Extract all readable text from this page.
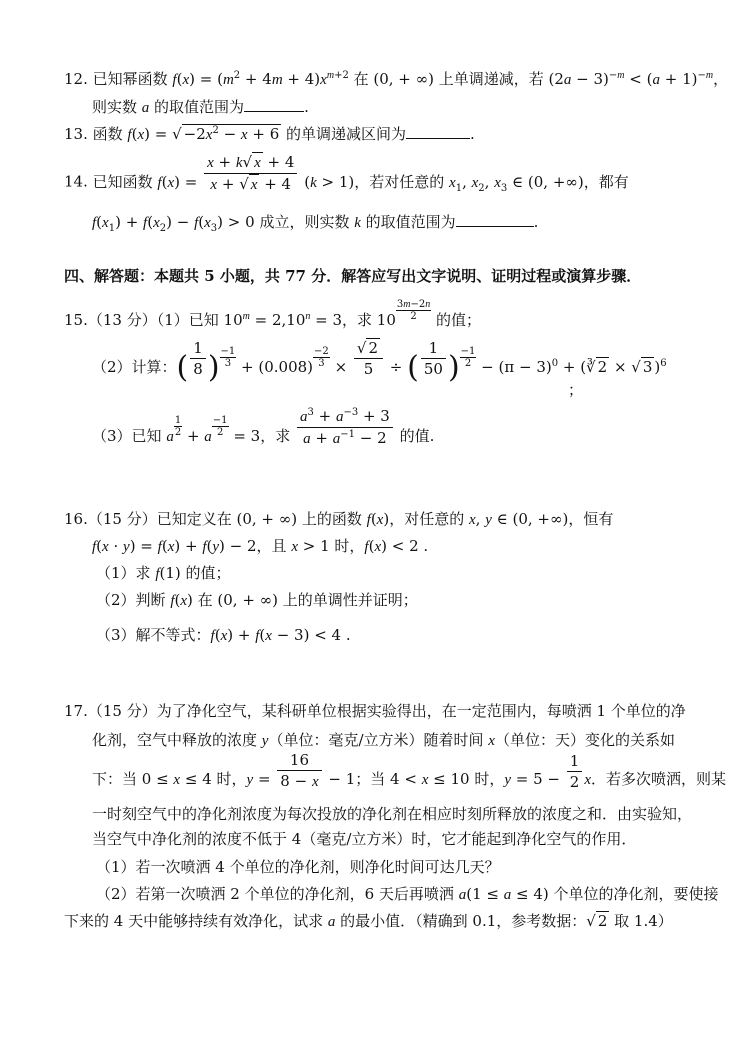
12. 已知幂函数 $f(x) = (m^2 + 4m + 4)x^{m+2}$ 在 (0, + ∞) 上单调递减，若 $(2a - 3)^{-m} < (a + 1)^{-m}$，
则实数 a 的取值范围为	.
13. 函数 f(x) = √ $-2x^2 - x + 6$ 的单调递减区间为	.
14. 已知函数 $f(x) = \frac{x + k√ x + 4}{x + √ x + 4} (k > 1)$，若对任意的 $x_1$, $x_2$, $x_3$ ∈ (0, +∞)，都有
$f(x_1) + f(x_2) - f(x_3) > 0$ 成立，则实数 k 的取值范围为	.
四、解答题：本题共 5 小题，共 77 分．解答应写出文字说明、证明过程或演算步骤．
15.（13 分）（1）已知 $10^m = 2,10^n = 3$，求 $10 \frac{3m-2n}{2}$ 的值；
（2）计算：( $\frac{1}{8}$ ) $\frac{-1}{3} + (0.008) \frac{-2}{3} \times \frac{√ 2}{5}$ ÷ ( $\frac{1}{50}$ ) $\frac{-1}{2} - (\pi - 3)^0$ + (∛ 2 × √ 3 )$^6$
；
（3）已知 a $\frac{1}{2} + a \frac{-1}{2} = 3$，求 $\frac{a^3 + a^{-3} + 3}{a + a^{-1} - 2}$ 的值.
16.（15 分）已知定义在 (0, + ∞) 上的函数 f(x)，对任意的 x, y ∈ (0, +∞)，恒有
f(x · y) = f(x) + f(y) − 2，且 x > 1 时，f(x) < 2 .
（1）求 f(1) 的值；
（2）判断 f(x) 在 (0, + ∞) 上的单调性并证明；
（3）解不等式：f(x) + f(x − 3) < 4 .
17.（15 分）为了净化空气，某科研单位根据实验得出，在一定范围内，每喷洒 1 个单位的净
化剂，空气中释放的浓度 y（单位：毫克/立方米）随着时间 x（单位：天）变化的关系如
下：当 0 ≤ x ≤ 4 时，$y = \frac{16}{8 - x} - 1$；当 4 < x ≤ 10 时，$y = 5 - \frac{1}{2}$ x．若多次喷洒，则某
一时刻空气中的净化剂浓度为每次投放的净化剂在相应时刻所释放的浓度之和．由实验知，
当空气中净化剂的浓度不低于 4（毫克/立方米）时，它才能起到净化空气的作用．
（1）若一次喷洒 4 个单位的净化剂，则净化时间可达几天？
（2）若第一次喷洒 2 个单位的净化剂，6 天后再喷洒 a(1 ≤ a ≤ 4) 个单位的净化剂，要使接
下来的 4 天中能够持续有效净化，试求 a 的最小值．（精确到 0.1，参考数据：√ 2 取 1.4）
